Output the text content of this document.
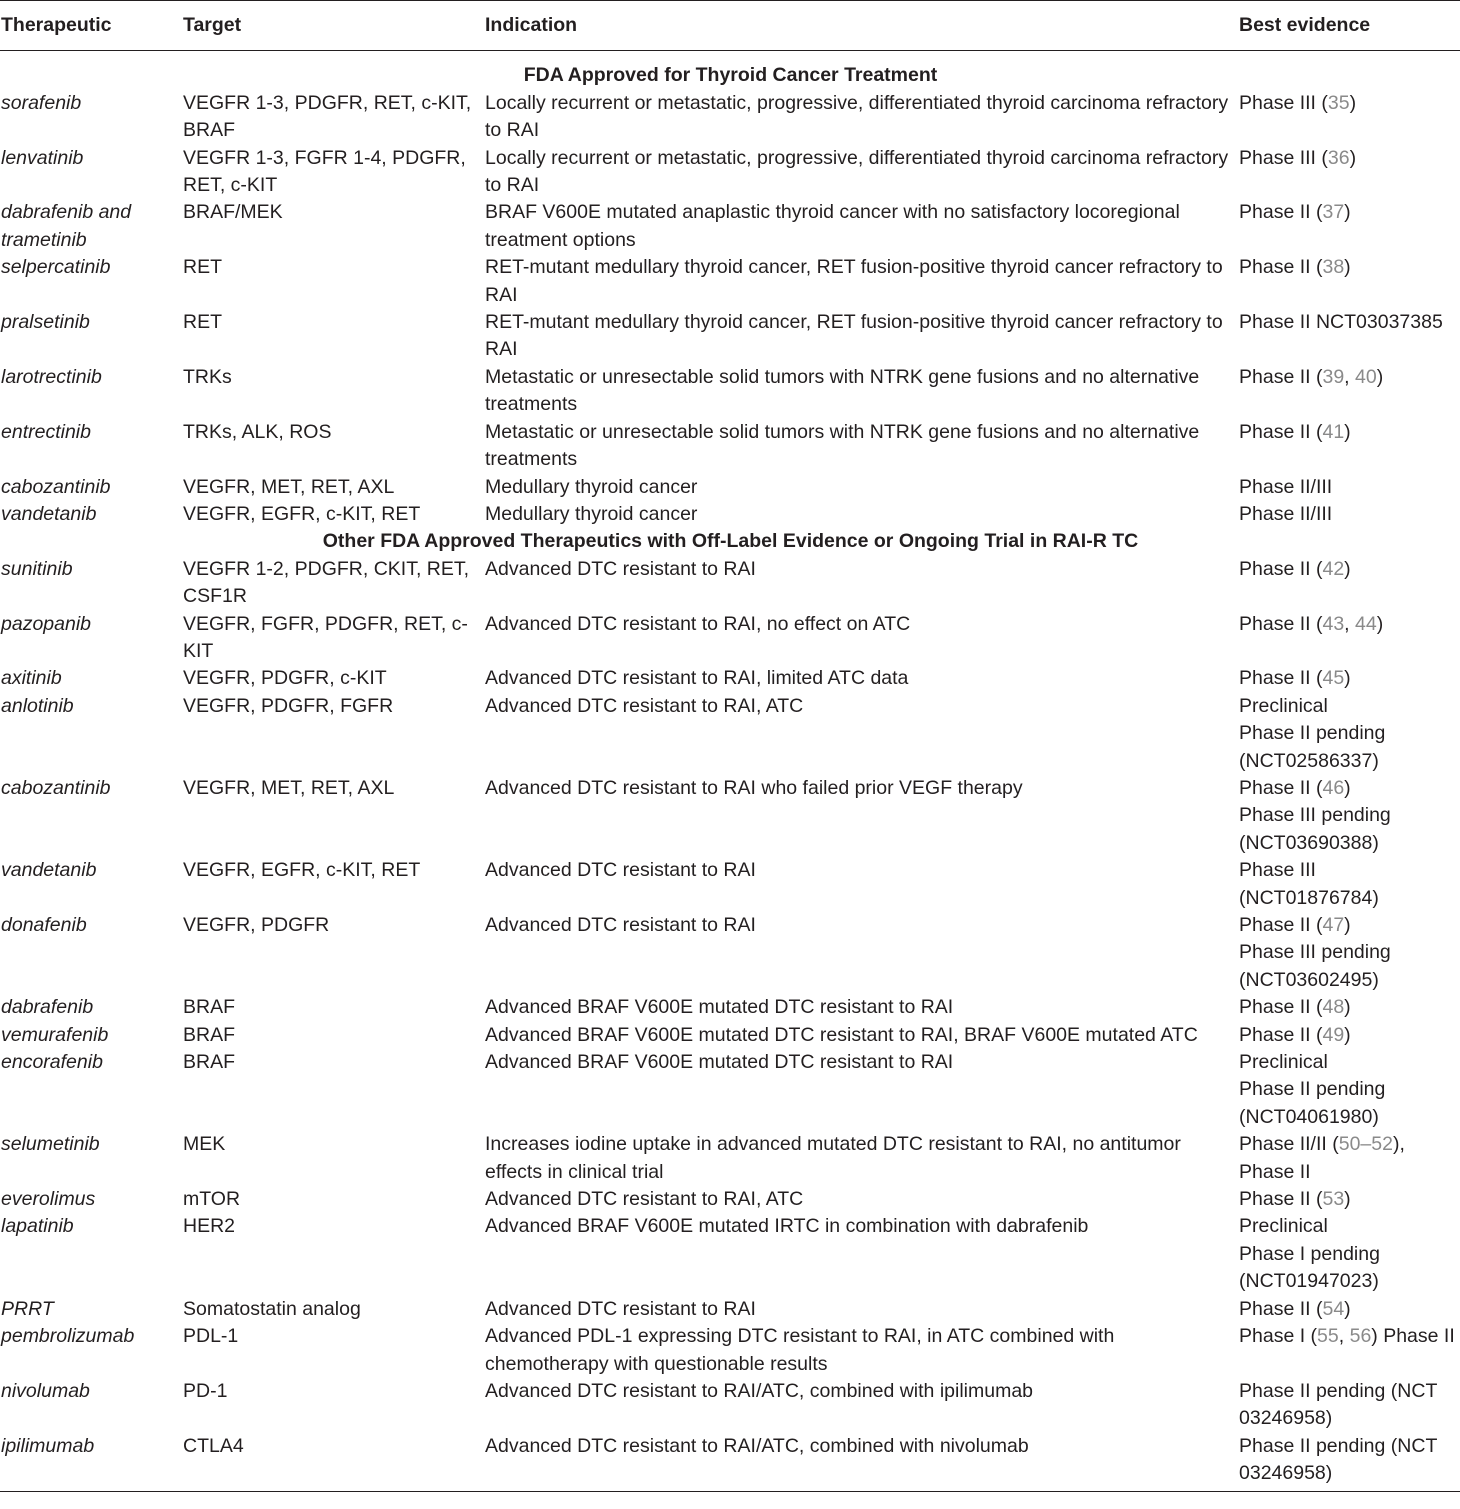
Therapeutic	Target	Indication	Best evidence
FDA Approved for Thyroid Cancer Treatment			
sorafenib	VEGFR 1-3, PDGFR, RET, c-KIT, BRAF	Locally recurrent or metastatic, progressive, differentiated thyroid carcinoma refractory to RAI	Phase III (35)
lenvatinib	VEGFR 1-3, FGFR 1-4, PDGFR, RET, c-KIT	Locally recurrent or metastatic, progressive, differentiated thyroid carcinoma refractory to RAI	Phase III (36)
dabrafenib and trametinib	BRAF/MEK	BRAF V600E mutated anaplastic thyroid cancer with no satisfactory locoregional treatment options	Phase II (37)
selpercatinib	RET	RET-mutant medullary thyroid cancer, RET fusion-positive thyroid cancer refractory to RAI	Phase II (38)
pralsetinib	RET	RET-mutant medullary thyroid cancer, RET fusion-positive thyroid cancer refractory to RAI	Phase II NCT03037385
larotrectinib	TRKs	Metastatic or unresectable solid tumors with NTRK gene fusions and no alternative treatments	Phase II (39, 40)
entrectinib	TRKs, ALK, ROS	Metastatic or unresectable solid tumors with NTRK gene fusions and no alternative treatments	Phase II (41)
cabozantinib	VEGFR, MET, RET, AXL	Medullary thyroid cancer	Phase II/III
vandetanib	VEGFR, EGFR, c-KIT, RET	Medullary thyroid cancer	Phase II/III
Other FDA Approved Therapeutics with Off-Label Evidence or Ongoing Trial in RAI-R TC			
sunitinib	VEGFR 1-2, PDGFR, CKIT, RET, CSF1R	Advanced DTC resistant to RAI	Phase II (42)
pazopanib	VEGFR, FGFR, PDGFR, RET, c-KIT	Advanced DTC resistant to RAI, no effect on ATC	Phase II (43, 44)
axitinib	VEGFR, PDGFR, c-KIT	Advanced DTC resistant to RAI, limited ATC data	Phase II (45)
anlotinib	VEGFR, PDGFR, FGFR	Advanced DTC resistant to RAI, ATC	Preclinical
Phase II pending (NCT02586337)
cabozantinib	VEGFR, MET, RET, AXL	Advanced DTC resistant to RAI who failed prior VEGF therapy	Phase II (46)
Phase III pending (NCT03690388)
vandetanib	VEGFR, EGFR, c-KIT, RET	Advanced DTC resistant to RAI	Phase III (NCT01876784)
donafenib	VEGFR, PDGFR	Advanced DTC resistant to RAI	Phase II (47)
Phase III pending (NCT03602495)
dabrafenib	BRAF	Advanced BRAF V600E mutated DTC resistant to RAI	Phase II (48)
vemurafenib	BRAF	Advanced BRAF V600E mutated DTC resistant to RAI, BRAF V600E mutated ATC	Phase II (49)
encorafenib	BRAF	Advanced BRAF V600E mutated DTC resistant to RAI	Preclinical
Phase II pending (NCT04061980)
selumetinib	MEK	Increases iodine uptake in advanced mutated DTC resistant to RAI, no antitumor effects in clinical trial	Phase II/II (50–52), Phase II
everolimus	mTOR	Advanced DTC resistant to RAI, ATC	Phase II (53)
lapatinib	HER2	Advanced BRAF V600E mutated IRTC in combination with dabrafenib	Preclinical
Phase I pending (NCT01947023)
PRRT	Somatostatin analog	Advanced DTC resistant to RAI	Phase II (54)
pembrolizumab	PDL-1	Advanced PDL-1 expressing DTC resistant to RAI, in ATC combined with chemotherapy with questionable results	Phase I (55, 56) Phase II
nivolumab	PD-1	Advanced DTC resistant to RAI/ATC, combined with ipilimumab	Phase II pending (NCT 03246958)
ipilimumab	CTLA4	Advanced DTC resistant to RAI/ATC, combined with nivolumab	Phase II pending (NCT 03246958)
